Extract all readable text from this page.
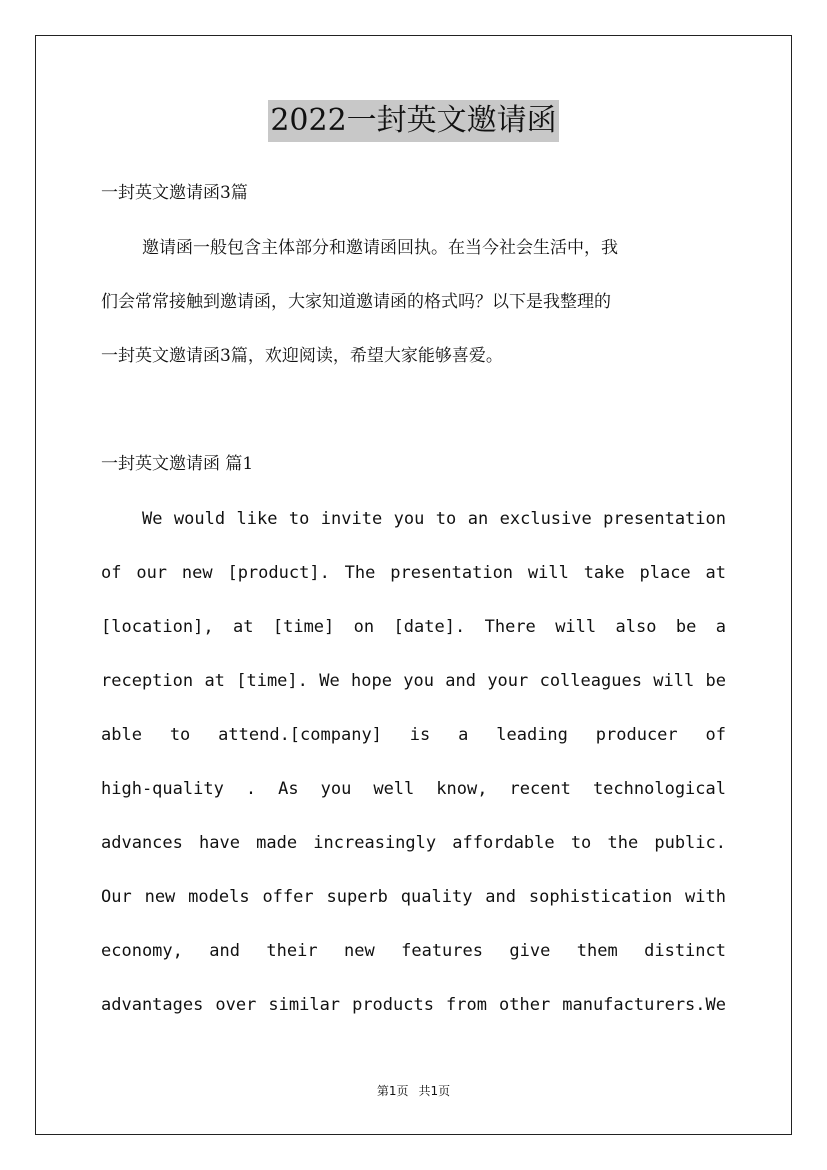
2022一封英文邀请函
一封英文邀请函3篇
邀请函一般包含主体部分和邀请函回执。在当今社会生活中，我
们会常常接触到邀请函，大家知道邀请函的格式吗？以下是我整理的
一封英文邀请函3篇，欢迎阅读，希望大家能够喜爱。
一封英文邀请函 篇1
We would like to invite you to an exclusive presentation
of our new [product]. The presentation will take place at
[location], at [time] on [date]. There will also be a
reception at [time]. We hope you and your colleagues will be
able to attend.[company] is a leading producer of
high-quality . As you well know, recent technological
advances have made increasingly affordable to the public.
Our new models offer superb quality and sophistication with
economy, and their new features give them distinct
advantages over similar products from other manufacturers.We
第1页 共1页
